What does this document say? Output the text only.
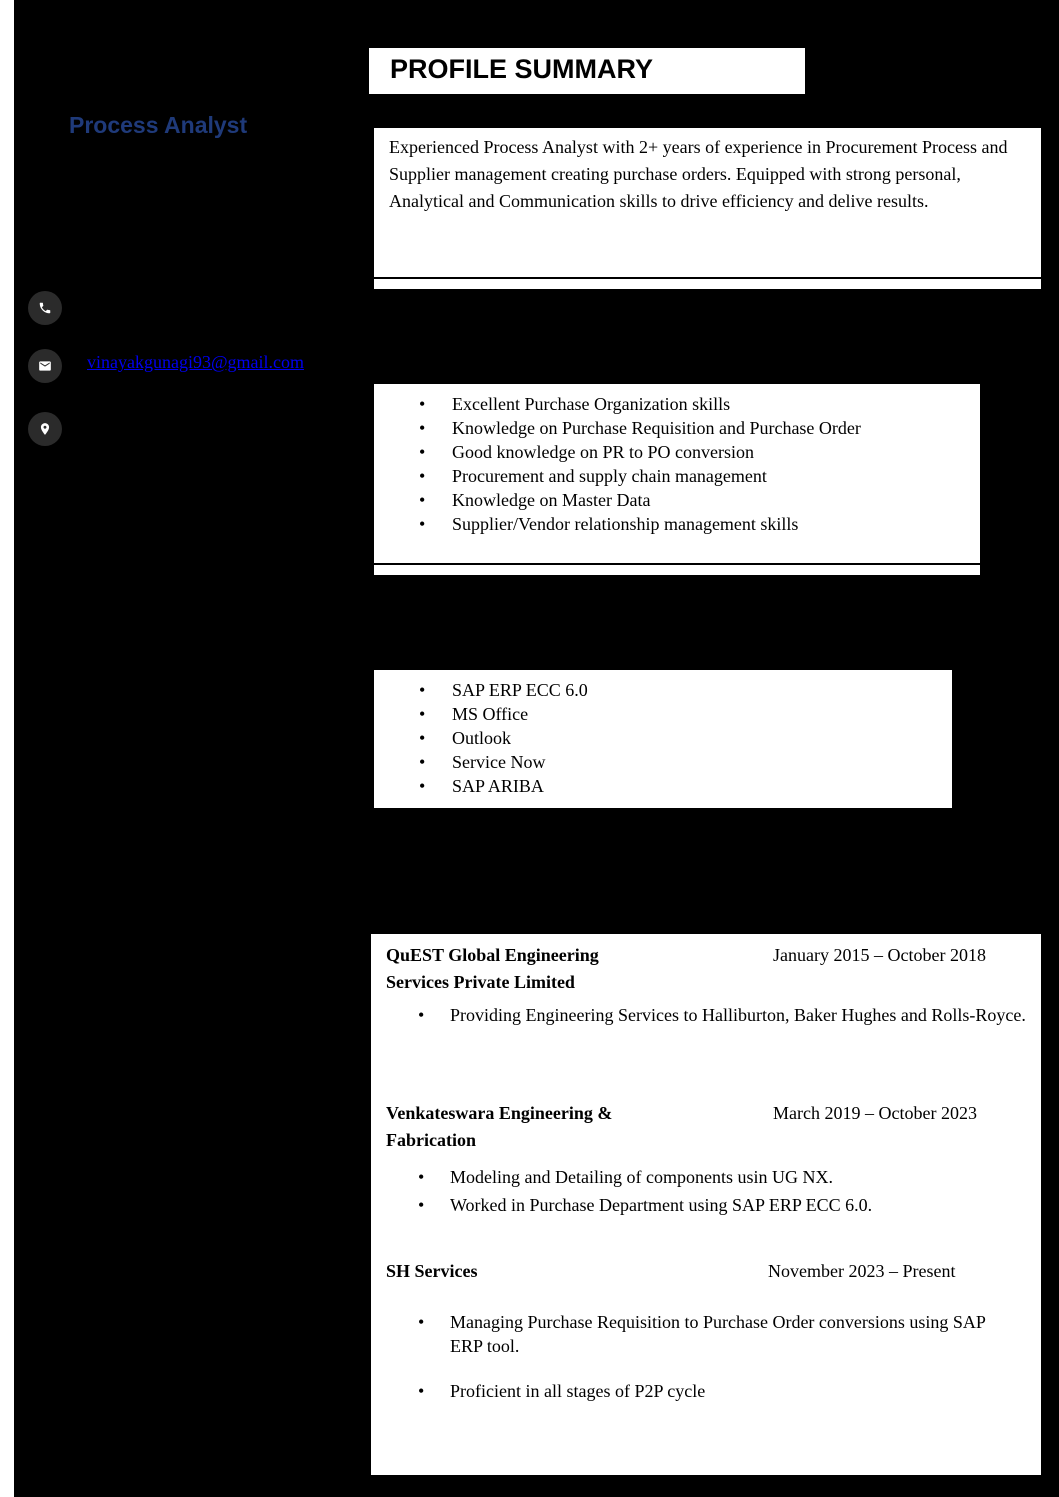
PROFILE SUMMARY
Process Analyst
vinayakgunagi93@gmail.com
Experienced Process Analyst with 2+ years of experience in Procurement Process and Supplier management creating purchase orders. Equipped with strong personal, Analytical and Communication skills to drive efficiency and delive results.
• Excellent Purchase Organization skills
• Knowledge on Purchase Requisition and Purchase Order
• Good knowledge on PR to PO conversion
• Procurement and supply chain management
• Knowledge on Master Data
• Supplier/Vendor relationship management skills
• SAP ERP ECC 6.0
• MS Office
• Outlook
• Service Now
• SAP ARIBA
QuEST Global Engineering
Services Private Limited
January 2015 – October 2018
• Providing Engineering Services to Halliburton, Baker Hughes and Rolls-Royce.
Venkateswara Engineering &
Fabrication
March 2019 – October 2023
• Modeling and Detailing of components usin UG NX.
• Worked in Purchase Department using SAP ERP ECC 6.0.
SH Services	November 2023 – Present
• Managing Purchase Requisition to Purchase Order conversions using SAP ERP tool.
• Proficient in all stages of P2P cycle
